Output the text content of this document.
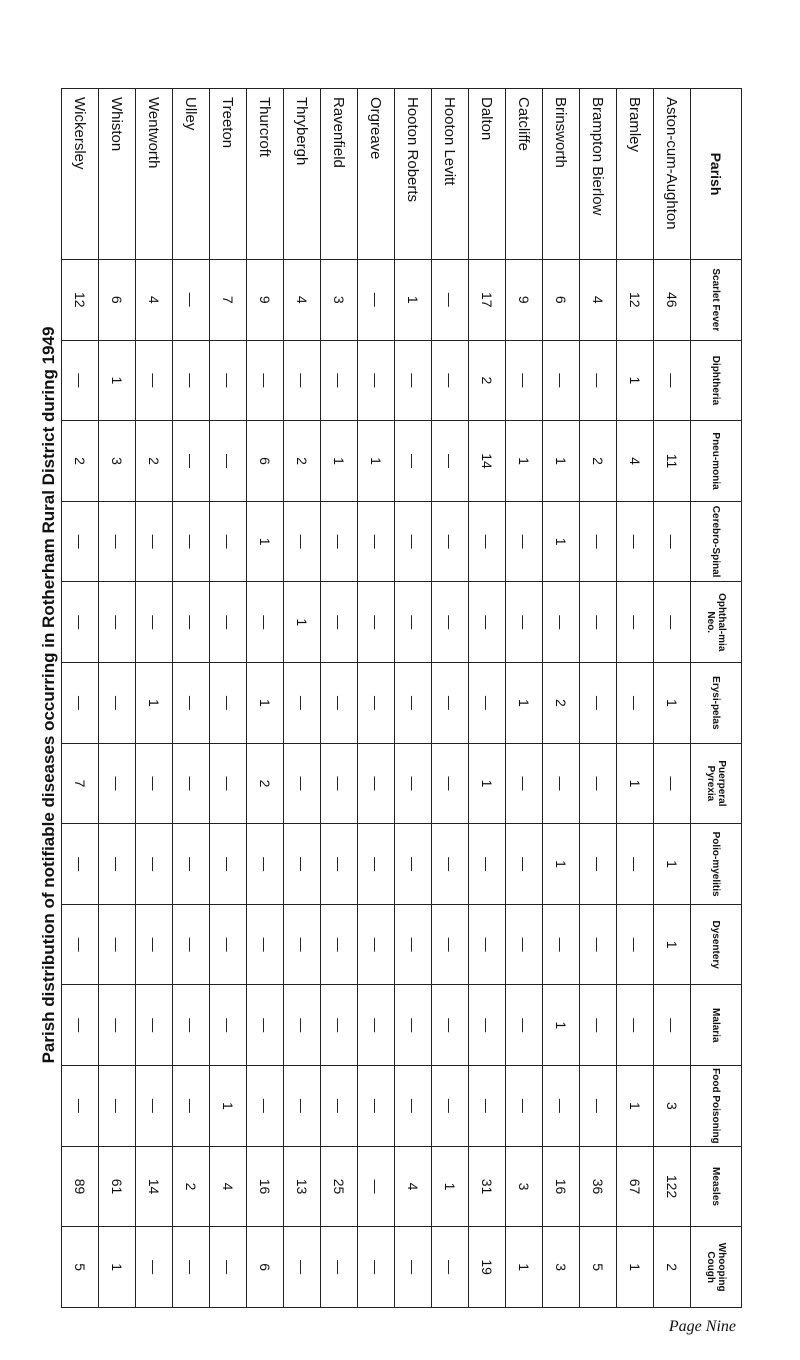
Parish distribution of notifiable diseases occurring in Rotherham Rural District during 1949
Parish	Scarlet Fever	Diphtheria	Pneu-monia	Cerebro-Spinal	Ophthal-mia Neo.	Erysi-pelas	Puerperal Pyrexia	Polio-myelitis	Dysentery	Malaria	Food Poisoning	Measles	Whooping Cough
Aston-cum-Aughton	46	—	11	—	—	1	—	1	1	—	3	122	2
Bramley	12	1	4	—	—	—	1	—	—	—	1	67	1
Brampton Bierlow	4	—	2	—	—	—	—	—	—	—	—	36	5
Brinsworth	6	—	1	1	—	2	—	1	—	1	—	16	3
Catcliffe	9	—	1	—	—	1	—	—	—	—	—	3	1
Dalton	17	2	14	—	—	—	1	—	—	—	—	31	19
Hooton Levitt	—	—	—	—	—	—	—	—	—	—	—	1	—
Hooton Roberts	1	—	—	—	—	—	—	—	—	—	—	4	—
Orgreave	—	—	1	—	—	—	—	—	—	—	—	—	—
Ravenfield	3	—	1	—	—	—	—	—	—	—	—	25	—
Thrybergh	4	—	2	—	1	—	—	—	—	—	—	13	—
Thurcroft	9	—	6	1	—	1	2	—	—	—	—	16	6
Treeton	7	—	—	—	—	—	—	—	—	—	1	4	—
Ulley	—	—	—	—	—	—	—	—	—	—	—	2	—
Wentworth	4	—	2	—	—	1	—	—	—	—	—	14	—
Whiston	6	1	3	—	—	—	—	—	—	—	—	61	1
Wickersley	12	—	2	—	—	—	7	—	—	—	—	89	5
Page Nine
